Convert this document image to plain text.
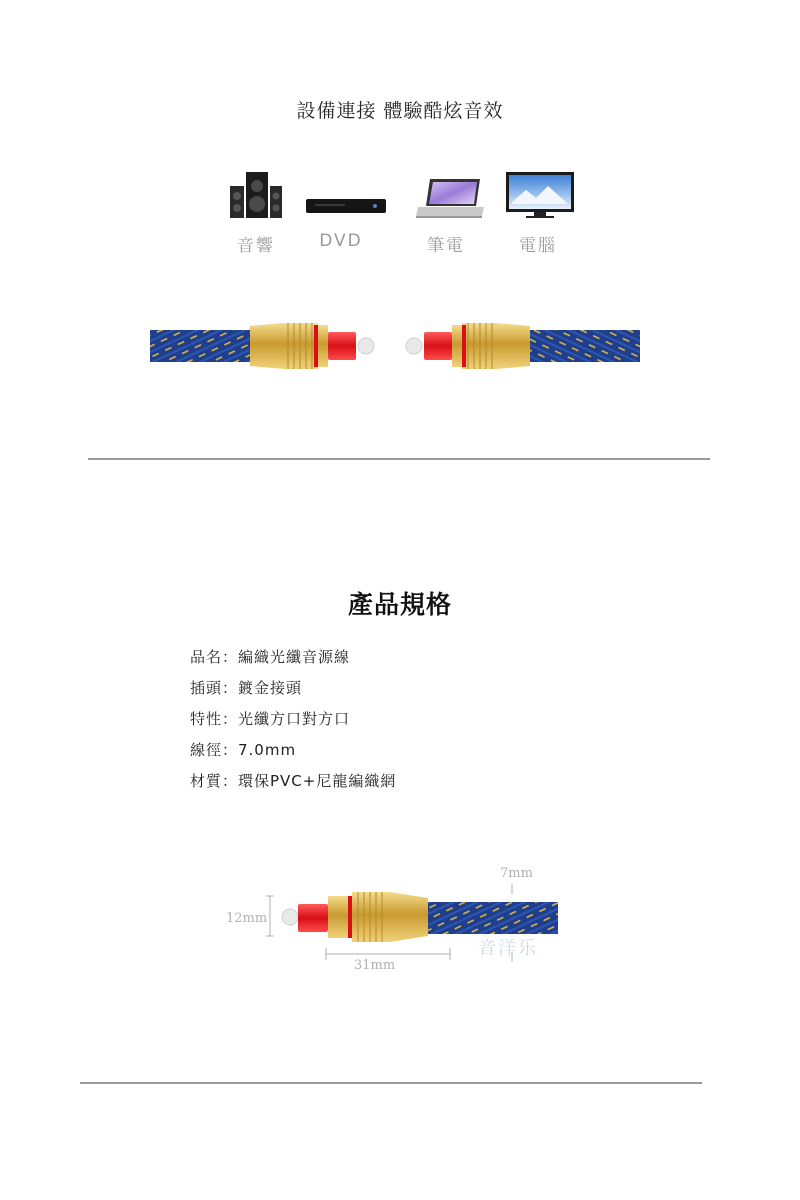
設備連接 體驗酷炫音效
音響	DVD	筆電	電腦
產品規格
品名：編織光纖音源線
插頭：鍍金接頭
特性：光纖方口對方口
線徑：7.0mm
材質：環保PVC+尼龍編織網
7mm
12mm
31mm
音洋乐
